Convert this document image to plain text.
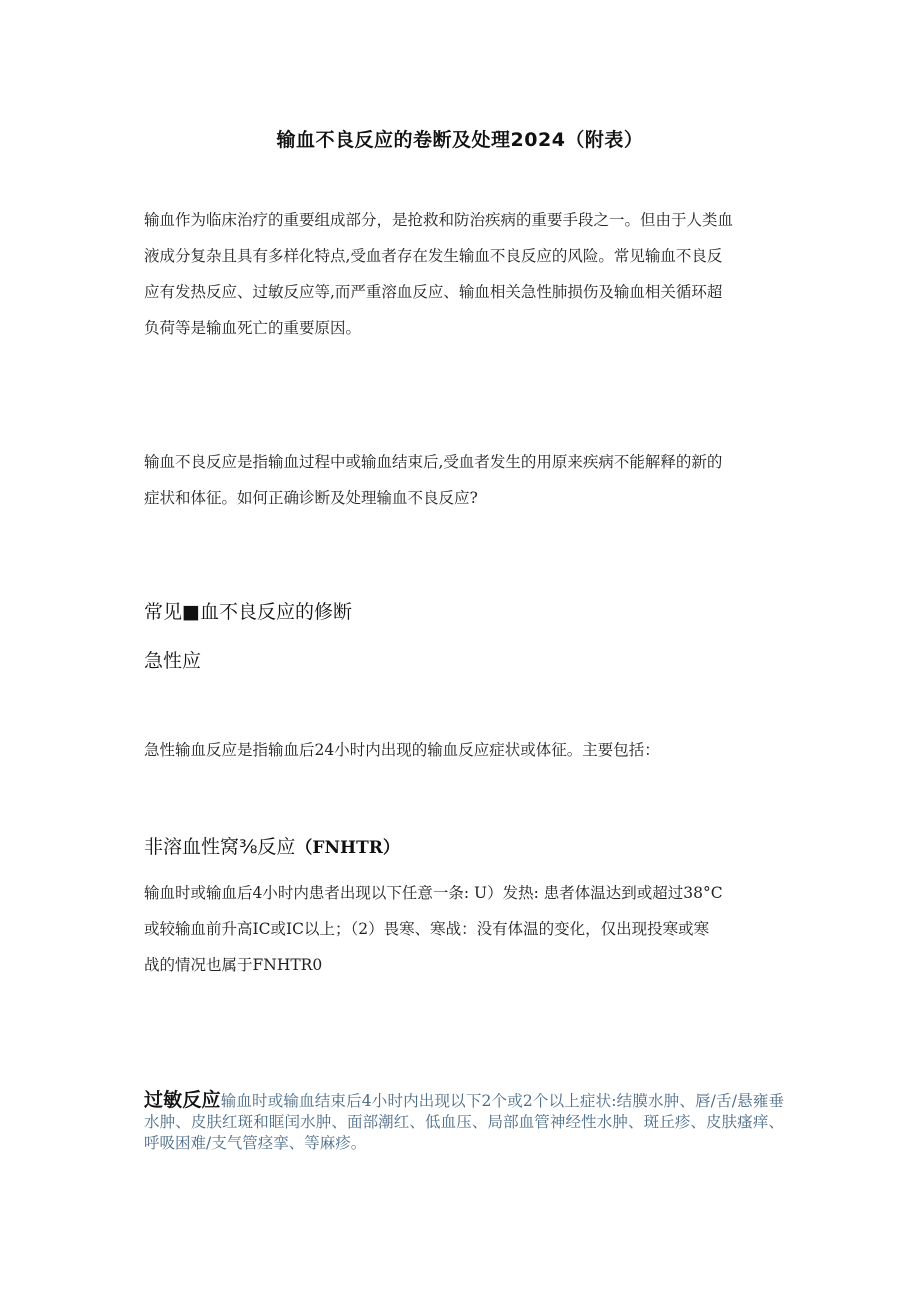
输血不良反应的卷断及处理2024（附表）
输血作为临床治疗的重要组成部分，是抢救和防治疾病的重要手段之一。但由于人类血
液成分复杂且具有多样化特点,受血者存在发生输血不良反应的风险。常见输血不良反
应有发热反应、过敏反应等,而严重溶血反应、输血相关急性肺损伤及输血相关循环超
负荷等是输血死亡的重要原因。
输血不良反应是指输血过程中或输血结束后,受血者发生的用原来疾病不能解释的新的
症状和体征。如何正确诊断及处理输血不良反应?
常见■血不良反应的修断
急性应
急性输血反应是指输血后24小时内出现的输血反应症状或体征。主要包括：
非溶血性窝⅜反应（FNHTR）
输血时或输血后4小时内患者出现以下任意一条: U）发热: 患者体温达到或超过38°C
或较输血前升高IC或IC以上；（2）畏寒、寒战：没有体温的变化，仅出现投寒或寒
战的情况也属于FNHTR0
过敏反应输血时或输血结束后4小时内出现以下2个或2个以上症状:结膜水肿、唇/舌/悬雍垂水肿、皮肤红斑和眶闰水肿、面部潮红、低血压、局部血管神经性水肿、斑丘疹、皮肤瘙痒、呼吸困难/支气管痉挛、等麻疹。
